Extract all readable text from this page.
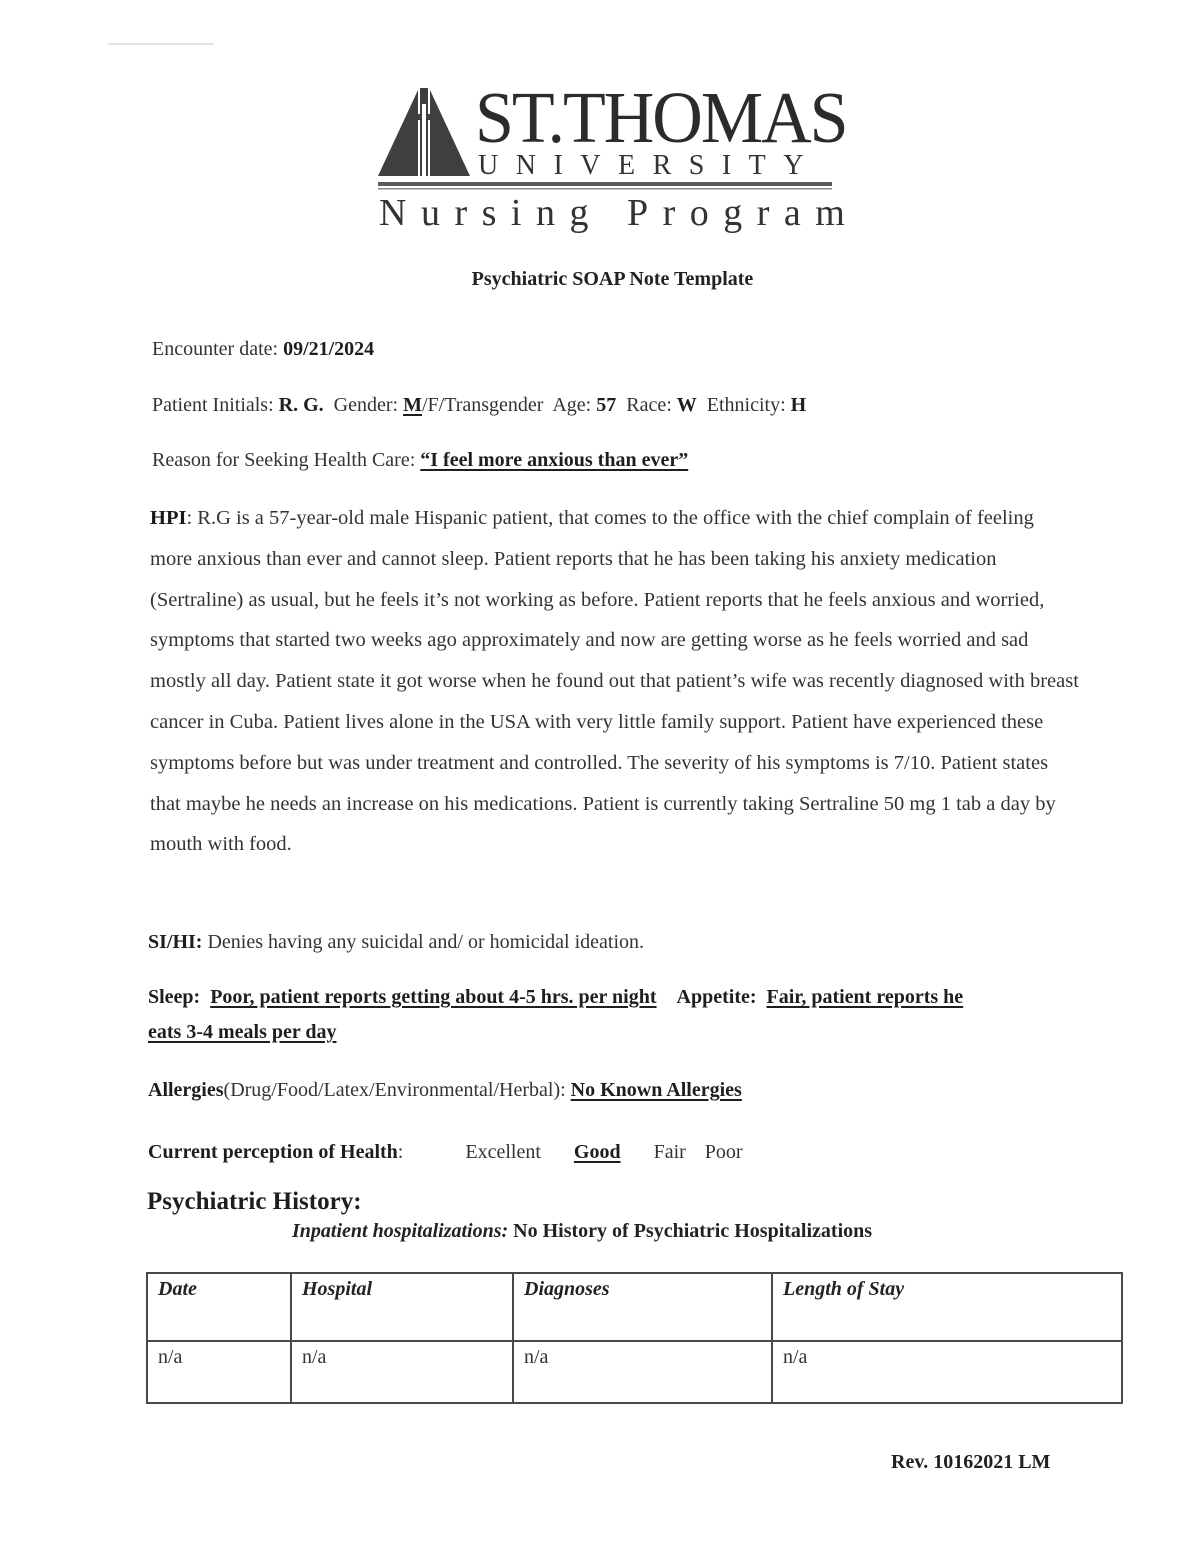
ST.THOMAS
UNIVERSITY
Nursing Program
Psychiatric SOAP Note Template
Encounter date: 09/21/2024
Patient Initials: R. G. Gender: M/F/Transgender Age: 57 Race: W Ethnicity: H
Reason for Seeking Health Care: “I feel more anxious than ever”
HPI: R.G is a 57-year-old male Hispanic patient, that comes to the office with the chief complain of feeling more anxious than ever and cannot sleep. Patient reports that he has been taking his anxiety medication (Sertraline) as usual, but he feels it’s not working as before. Patient reports that he feels anxious and worried, symptoms that started two weeks ago approximately and now are getting worse as he feels worried and sad mostly all day. Patient state it got worse when he found out that patient’s wife was recently diagnosed with breast cancer in Cuba. Patient lives alone in the USA with very little family support. Patient have experienced these symptoms before but was under treatment and controlled. The severity of his symptoms is 7/10. Patient states that maybe he needs an increase on his medications. Patient is currently taking Sertraline 50 mg 1 tab a day by mouth with food.
SI/HI: Denies having any suicidal and/ or homicidal ideation.
Sleep: Poor, patient reports getting about 4-5 hrs. per night Appetite: Fair, patient reports he
eats 3-4 meals per day
Allergies(Drug/Food/Latex/Environmental/Herbal): No Known Allergies
Current perception of Health:	Excellent Good Fair Poor
Psychiatric History:
Inpatient hospitalizations: No History of Psychiatric Hospitalizations
Date	Hospital	Diagnoses	Length of Stay
n/a	n/a	n/a	n/a
Rev. 10162021 LM
